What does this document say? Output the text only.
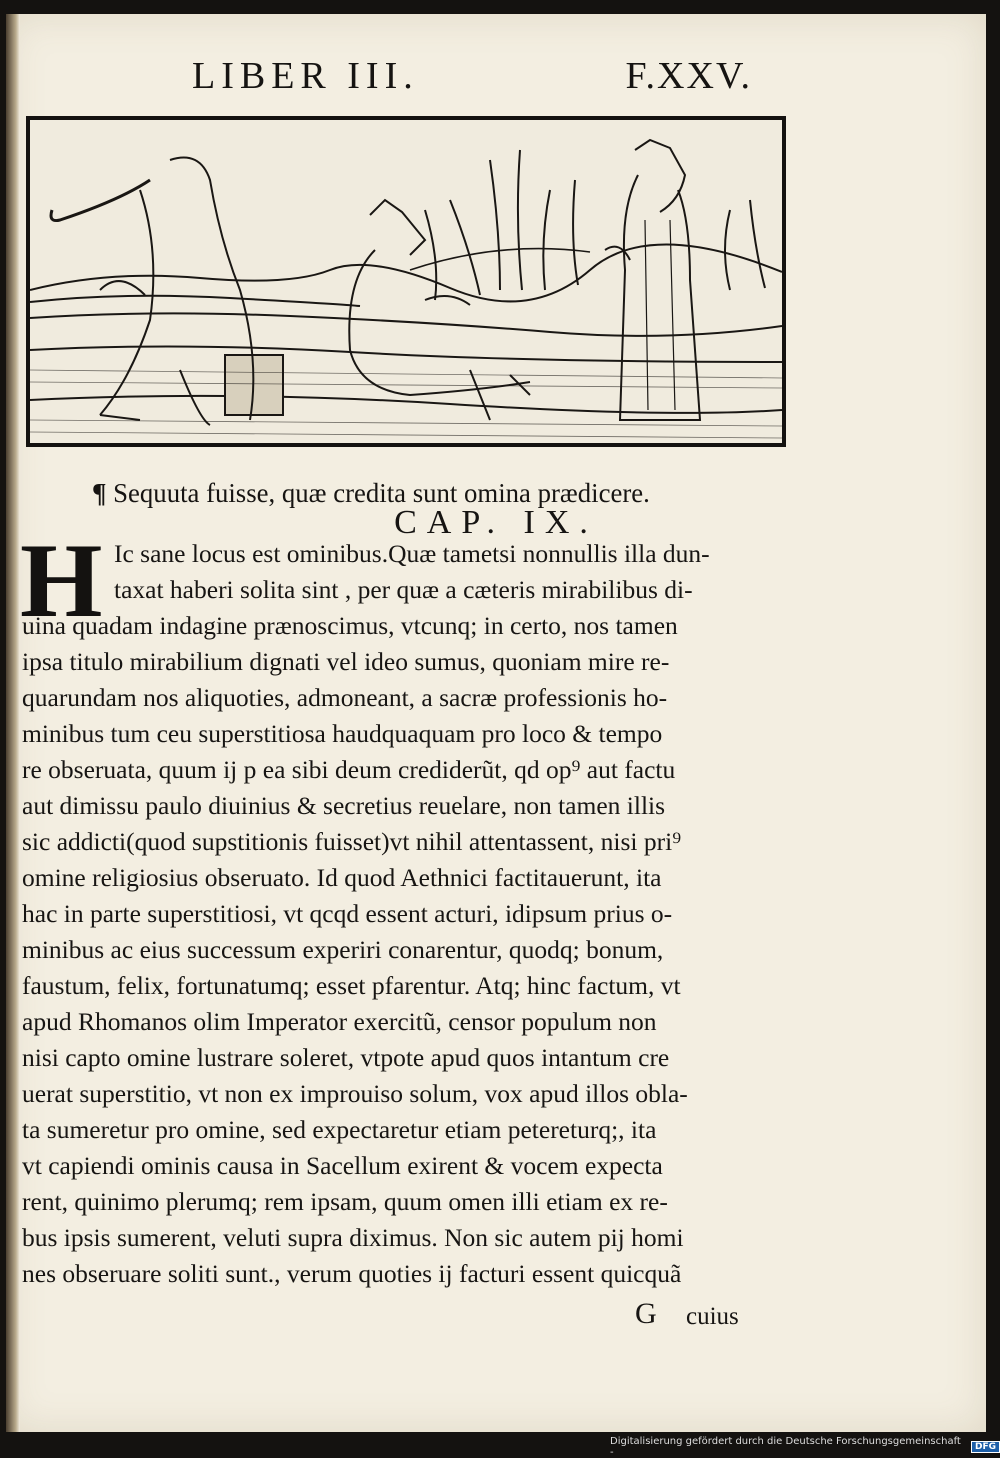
LIBER III.	F.XXV.
¶ Sequuta fuisse, quæ credita sunt omina prædicere.
CAP. IX.
H Ic sane locus est ominibus.Quæ tametsi nonnullis illa dun-
taxat haberi solita sint , per quæ a cæteris mirabilibus di-
uina quadam indagine prænoscimus, vtcunq; in certo, nos tamen
ipsa titulo mirabilium dignati vel ideo sumus, quoniam mire re-
quarundam nos aliquoties, admoneant, a sacræ professionis ho-
minibus tum ceu superstitiosa haudquaquam pro loco & tempo
re obseruata, quum ij p ea sibi deum crediderũt, qd op⁹ aut factu
aut dimissu paulo diuinius & secretius reuelare, non tamen illis
sic addicti(quod supstitionis fuisset)vt nihil attentassent, nisi pri⁹
omine religiosius obseruato. Id quod Aethnici factitauerunt, ita
hac in parte superstitiosi, vt qcqd essent acturi, idipsum prius o-
minibus ac eius successum experiri conarentur, quodq; bonum,
faustum, felix, fortunatumq; esset pfarentur. Atq; hinc factum, vt
apud Rhomanos olim Imperator exercitũ, censor populum non
nisi capto omine lustrare soleret, vtpote apud quos intantum cre
uerat superstitio, vt non ex improuiso solum, vox apud illos obla-
ta sumeretur pro omine, sed expectaretur etiam petereturq;, ita
vt capiendi ominis causa in Sacellum exirent & vocem expecta
rent, quinimo plerumq; rem ipsam, quum omen illi etiam ex re-
bus ipsis sumerent, veluti supra diximus. Non sic autem pij homi
nes obseruare soliti sunt., verum quoties ij facturi essent quicquã
G cuius
Digitalisierung gefördert durch die Deutsche Forschungsgemeinschaft -	DFG
